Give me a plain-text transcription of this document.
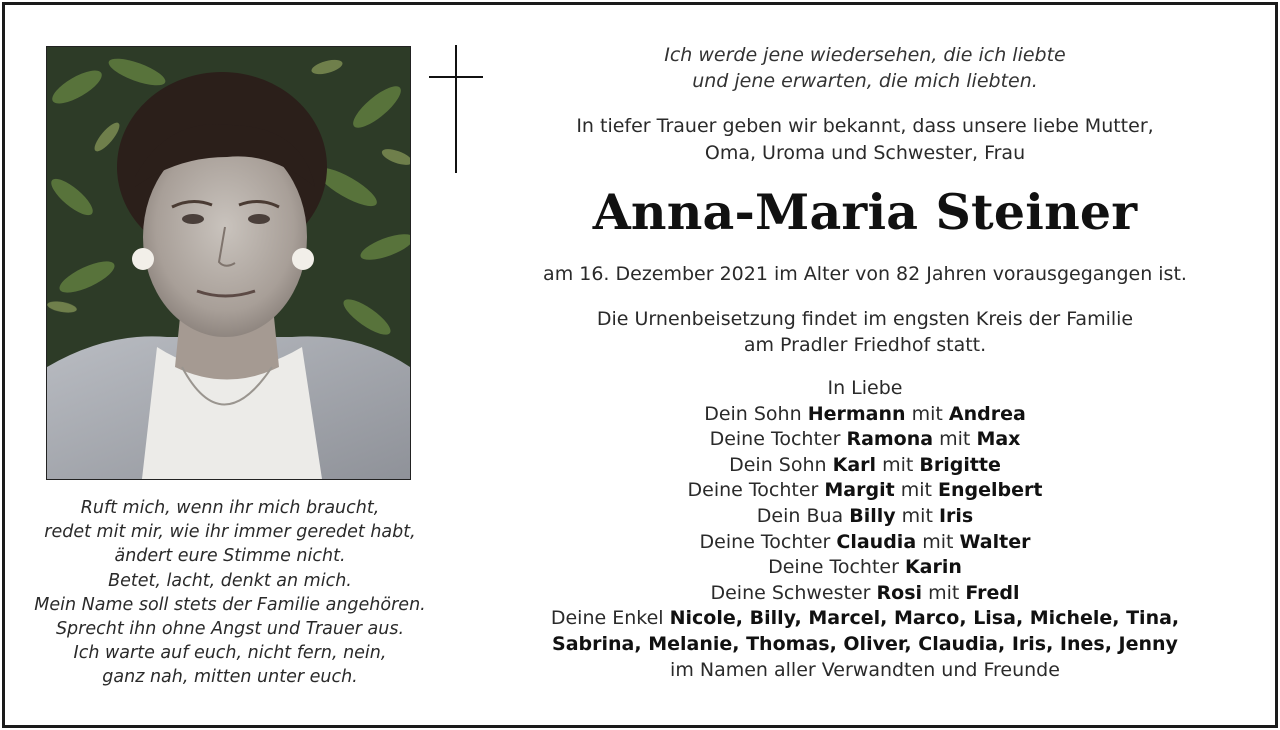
Ruft mich, wenn ihr mich braucht,
redet mit mir, wie ihr immer geredet habt,
ändert eure Stimme nicht.
Betet, lacht, denkt an mich.
Mein Name soll stets der Familie angehören.
Sprecht ihn ohne Angst und Trauer aus.
Ich warte auf euch, nicht fern, nein,
ganz nah, mitten unter euch.
Ich werde jene wiedersehen, die ich liebte
und jene erwarten, die mich liebten.
In tiefer Trauer geben wir bekannt, dass unsere liebe Mutter,
Oma, Uroma und Schwester, Frau
Anna-Maria Steiner
am 16. Dezember 2021 im Alter von 82 Jahren vorausgegangen ist.
Die Urnenbeisetzung findet im engsten Kreis der Familie
am Pradler Friedhof statt.
In Liebe
Dein Sohn Hermann mit Andrea
Deine Tochter Ramona mit Max
Dein Sohn Karl mit Brigitte
Deine Tochter Margit mit Engelbert
Dein Bua Billy mit Iris
Deine Tochter Claudia mit Walter
Deine Tochter Karin
Deine Schwester Rosi mit Fredl
Deine Enkel Nicole, Billy, Marcel, Marco, Lisa, Michele, Tina,
Sabrina, Melanie, Thomas, Oliver, Claudia, Iris, Ines, Jenny
im Namen aller Verwandten und Freunde
